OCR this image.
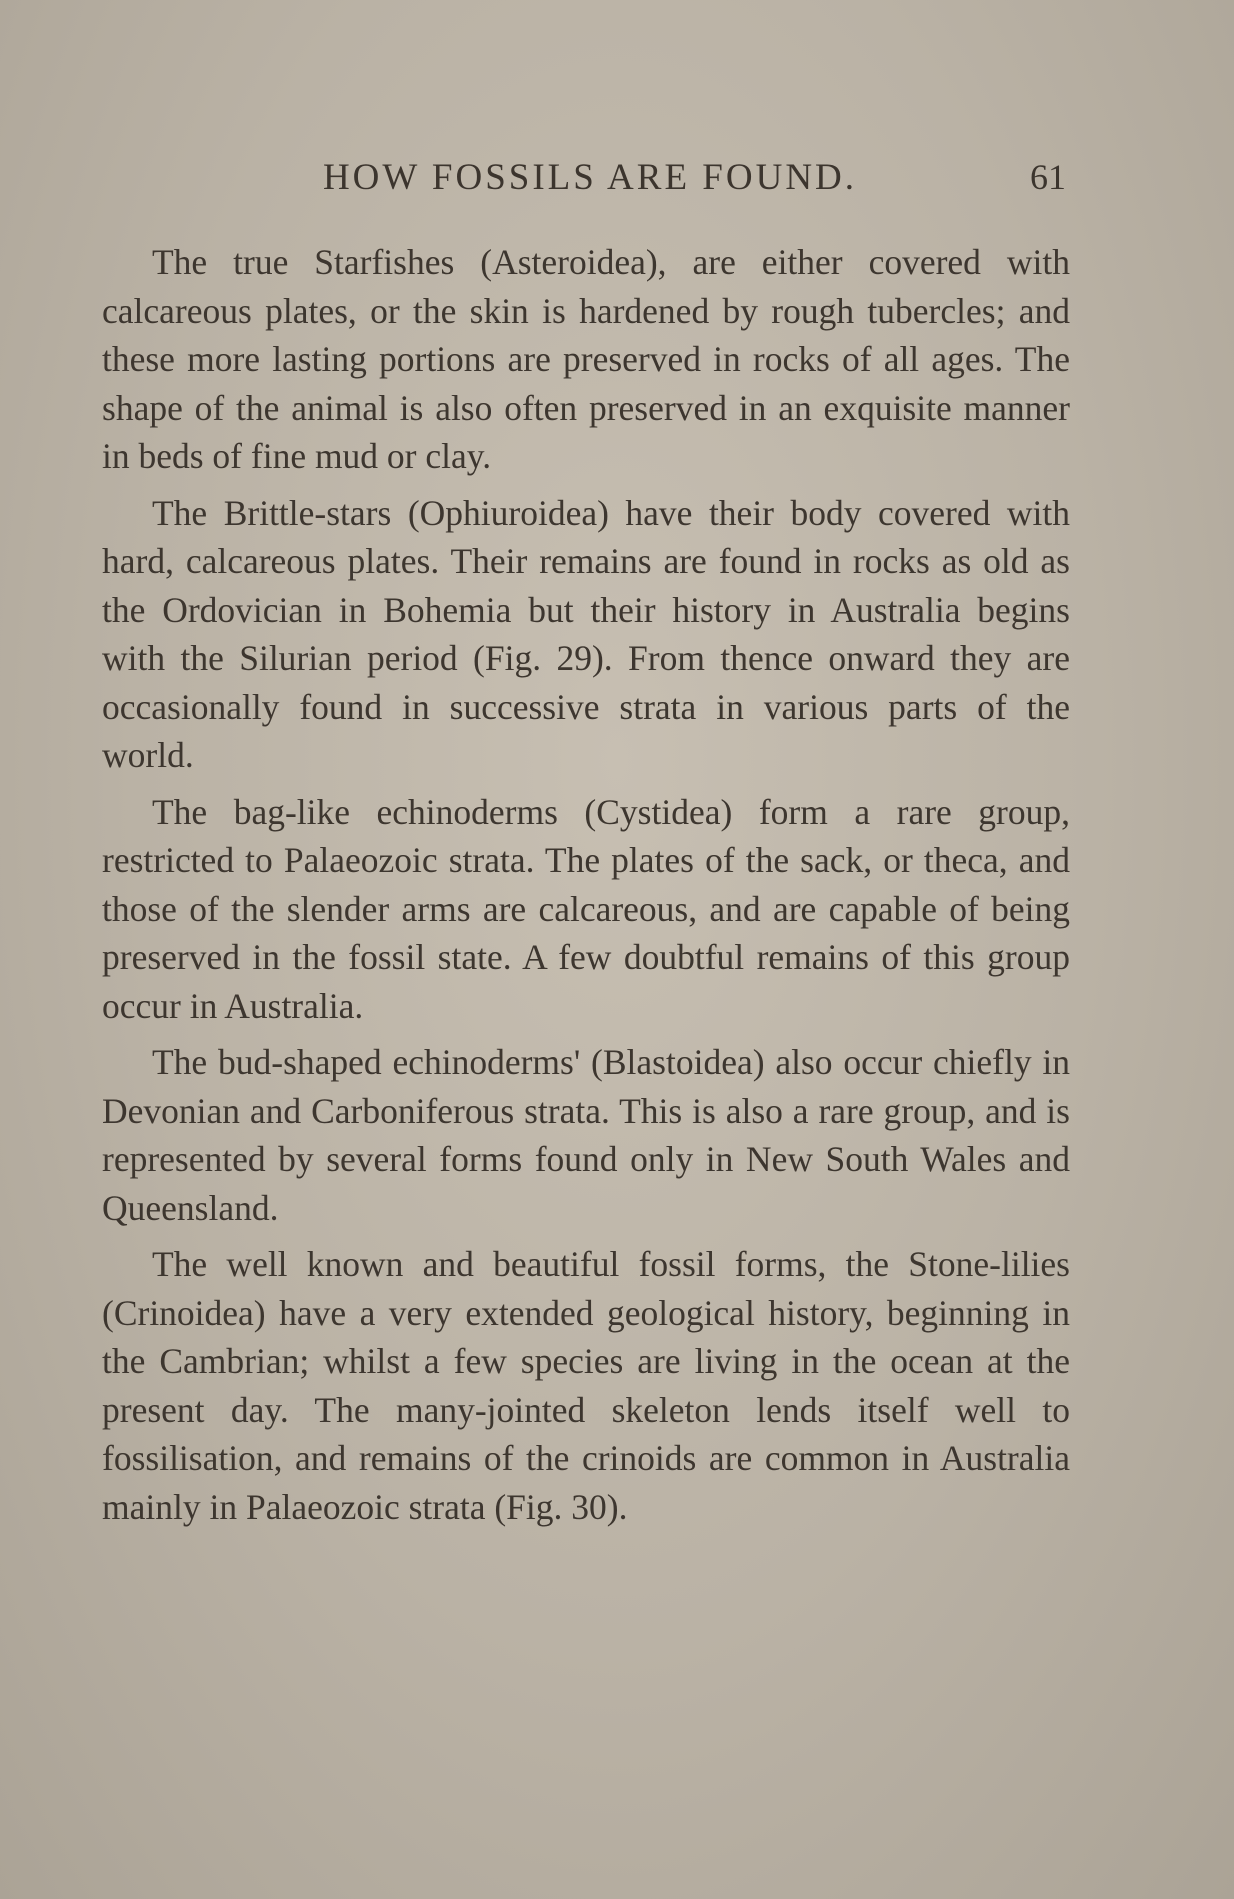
HOW FOSSILS ARE FOUND.	61

The true Starfishes (Asteroidea), are either covered with calcareous plates, or the skin is hardened by rough tubercles; and these more lasting portions are preserved in rocks of all ages. The shape of the animal is also often preserved in an exquisite manner in beds of fine mud or clay.

The Brittle-stars (Ophiuroidea) have their body covered with hard, calcareous plates. Their remains are found in rocks as old as the Ordovician in Bohemia but their history in Australia begins with the Silurian period (Fig. 29). From thence onward they are occasionally found in successive strata in various parts of the world.

The bag-like echinoderms (Cystidea) form a rare group, restricted to Palaeozoic strata. The plates of the sack, or theca, and those of the slender arms are calcareous, and are capable of being preserved in the fossil state. A few doubtful remains of this group occur in Australia.

The bud-shaped echinoderms' (Blastoidea) also occur chiefly in Devonian and Carboniferous strata. This is also a rare group, and is represented by several forms found only in New South Wales and Queensland.

The well known and beautiful fossil forms, the Stone-lilies (Crinoidea) have a very extended geological history, beginning in the Cambrian; whilst a few species are living in the ocean at the present day. The many-jointed skeleton lends itself well to fossilisation, and remains of the crinoids are common in Australia mainly in Palaeozoic strata (Fig. 30).
